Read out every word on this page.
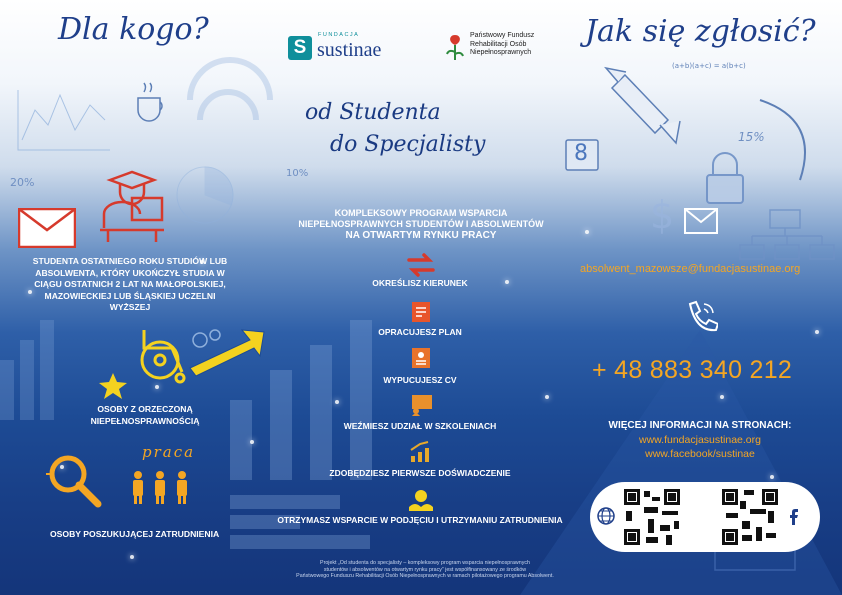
$
Dla kogo?
20%
10%
STUDENTA OSTATNIEGO ROKU STUDIÓW LUB ABSOLWENTA, KTÓRY UKOŃCZYŁ STUDIA W CIĄGU OSTATNICH 2 LAT NA MAŁOPOLSKIEJ, MAZOWIECKIEJ LUB ŚLĄSKIEJ UCZELNI WYŻSZEJ
OSOBY Z ORZECZONĄ NIEPEŁNOSPRAWNOŚCIĄ
praca
OSOBY POSZUKUJĄCEJ ZATRUDNIENIA
S
FUNDACJA
sustinae
Państwowy Fundusz
Rehabilitacji Osób
Niepełnosprawnych
od Studenta
do Specjalisty
KOMPLEKSOWY PROGRAM WSPARCIA
NIEPEŁNOSPRAWNYCH STUDENTÓW I ABSOLWENTÓW
NA OTWARTYM RYNKU PRACY
OKREŚLISZ KIERUNEK
OPRACUJESZ PLAN
WYPUCUJESZ CV
WEŹMIESZ UDZIAŁ W SZKOLENIACH
ZDOBĘDZIESZ PIERWSZE DOŚWIADCZENIE
OTRZYMASZ WSPARCIE W PODJĘCIU I UTRZYMANIU ZATRUDNIENIA
Projekt „Od studenta do specjalisty – kompleksowy program wsparcia niepełnosprawnych
studentów i absolwentów na otwartym rynku pracy” jest współfinansowany ze środków
Państwowego Funduszu Rehabilitacji Osób Niepełnosprawnych w ramach pilotażowego programu Absolwent.
Jak się zgłosić?
(a+b)(a+c) = a(b+c)
15%
8
absolwent_mazowsze@fundacjasustinae.org
+ 48 883 340 212
WIĘCEJ INFORMACJI NA STRONACH:
www.fundacjasustinae.org
www.facebook/sustinae
